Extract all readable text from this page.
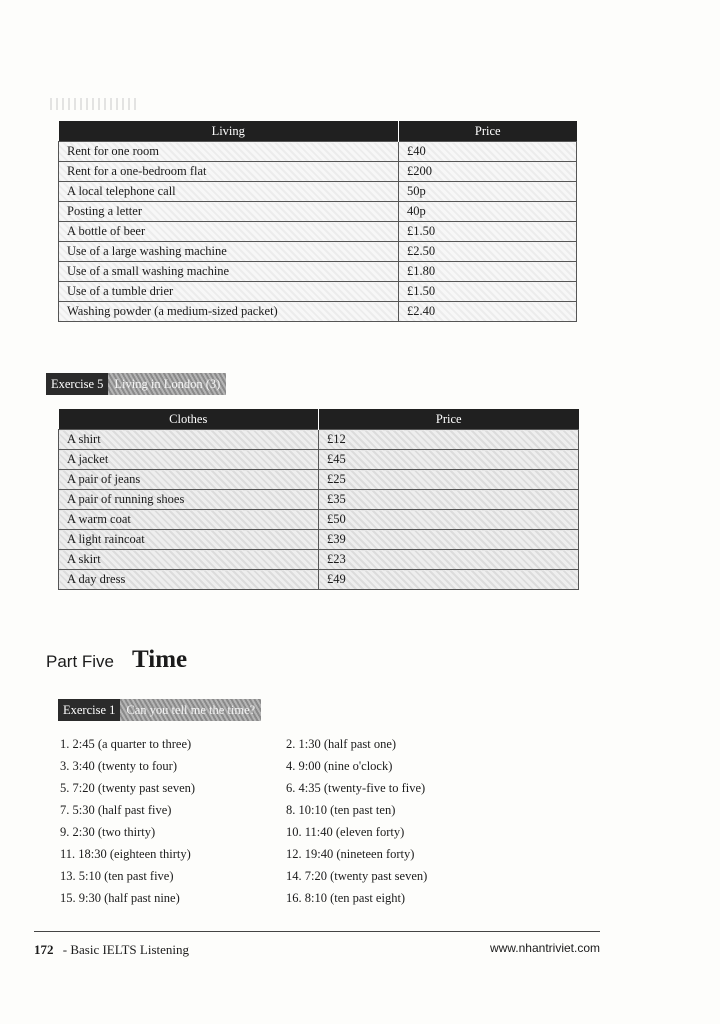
Living	Price
Rent for one room	£40
Rent for a one-bedroom flat	£200
A local telephone call	50p
Posting a letter	40p
A bottle of beer	£1.50
Use of a large washing machine	£2.50
Use of a small washing machine	£1.80
Use of a tumble drier	£1.50
Washing powder (a medium-sized packet)	£2.40
Exercise 5 Living in London (3)
Clothes	Price
A shirt	£12
A jacket	£45
A pair of jeans	£25
A pair of running shoes	£35
A warm coat	£50
A light raincoat	£39
A skirt	£23
A day dress	£49
Part Five Time
Exercise 1 Can you tell me the time?
1. 2:45 (a quarter to three)	2. 1:30 (half past one)
3. 3:40 (twenty to four)	4. 9:00 (nine o'clock)
5. 7:20 (twenty past seven)	6. 4:35 (twenty-five to five)
7. 5:30 (half past five)	8. 10:10 (ten past ten)
9. 2:30 (two thirty)	10. 11:40 (eleven forty)
11. 18:30 (eighteen thirty)	12. 19:40 (nineteen forty)
13. 5:10 (ten past five)	14. 7:20 (twenty past seven)
15. 9:30 (half past nine)	16. 8:10 (ten past eight)
172 - Basic IELTS Listening	www.nhantriviet.com
